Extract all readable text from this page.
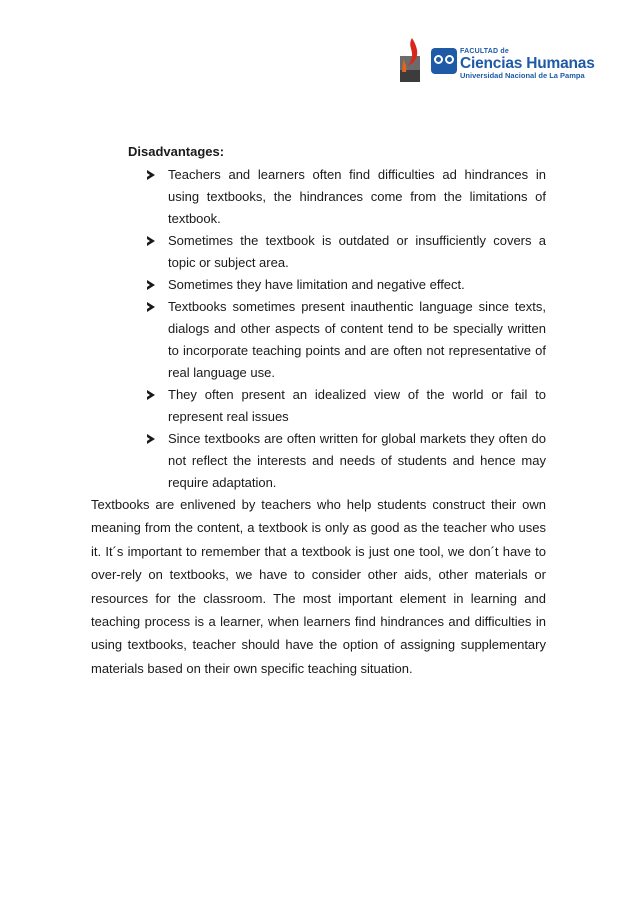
FACULTAD de
Ciencias Humanas
Universidad Nacional de La Pampa
Disadvantages:
Teachers and learners often find difficulties ad hindrances in using textbooks, the hindrances come from the limitations of textbook.
Sometimes the textbook is outdated or insufficiently covers a topic or subject area.
Sometimes they have limitation and negative effect.
Textbooks sometimes present inauthentic language since texts, dialogs and other aspects of content tend to be specially written to incorporate teaching points and are often not representative of real language use.
They often present an idealized view of the world or fail to represent real issues
Since textbooks are often written for global markets they often do not reflect the interests and needs of students and hence may require adaptation.

Textbooks are enlivened by teachers who help students construct their own meaning from the content, a textbook is only as good as the teacher who uses it. It´s important to remember that a textbook is just one tool, we don´t have to over-rely on textbooks, we have to consider other aids, other materials or resources for the classroom. The most important element in learning and teaching process is a learner, when learners find hindrances and difficulties in using textbooks, teacher should have the option of assigning supplementary materials based on their own specific teaching situation.
